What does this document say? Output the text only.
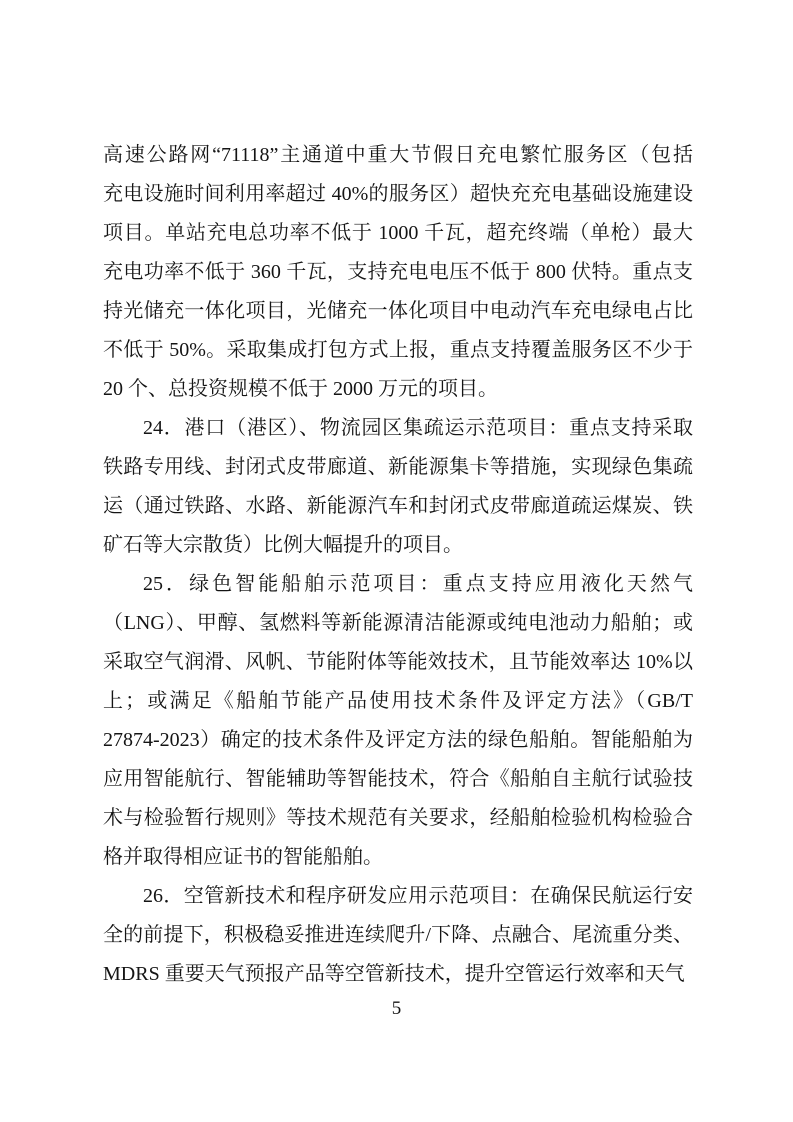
高速公路网“71118”主通道中重大节假日充电繁忙服务区（包括
充电设施时间利用率超过 40%的服务区）超快充充电基础设施建设
项目。单站充电总功率不低于 1000 千瓦，超充终端（单枪）最大
充电功率不低于 360 千瓦，支持充电电压不低于 800 伏特。重点支
持光储充一体化项目，光储充一体化项目中电动汽车充电绿电占比
不低于 50%。采取集成打包方式上报，重点支持覆盖服务区不少于
20 个、总投资规模不低于 2000 万元的项目。
24．港口（港区）、物流园区集疏运示范项目：重点支持采取
铁路专用线、封闭式皮带廊道、新能源集卡等措施，实现绿色集疏
运（通过铁路、水路、新能源汽车和封闭式皮带廊道疏运煤炭、铁
矿石等大宗散货）比例大幅提升的项目。
25．绿色智能船舶示范项目：重点支持应用液化天然气
（LNG）、甲醇、氢燃料等新能源清洁能源或纯电池动力船舶；或
采取空气润滑、风帆、节能附体等能效技术，且节能效率达 10%以
上；或满足《船舶节能产品使用技术条件及评定方法》（GB/T
27874-2023）确定的技术条件及评定方法的绿色船舶。智能船舶为
应用智能航行、智能辅助等智能技术，符合《船舶自主航行试验技
术与检验暂行规则》等技术规范有关要求，经船舶检验机构检验合
格并取得相应证书的智能船舶。
26．空管新技术和程序研发应用示范项目：在确保民航运行安
全的前提下，积极稳妥推进连续爬升/下降、点融合、尾流重分类、
MDRS 重要天气预报产品等空管新技术，提升空管运行效率和天气
5
